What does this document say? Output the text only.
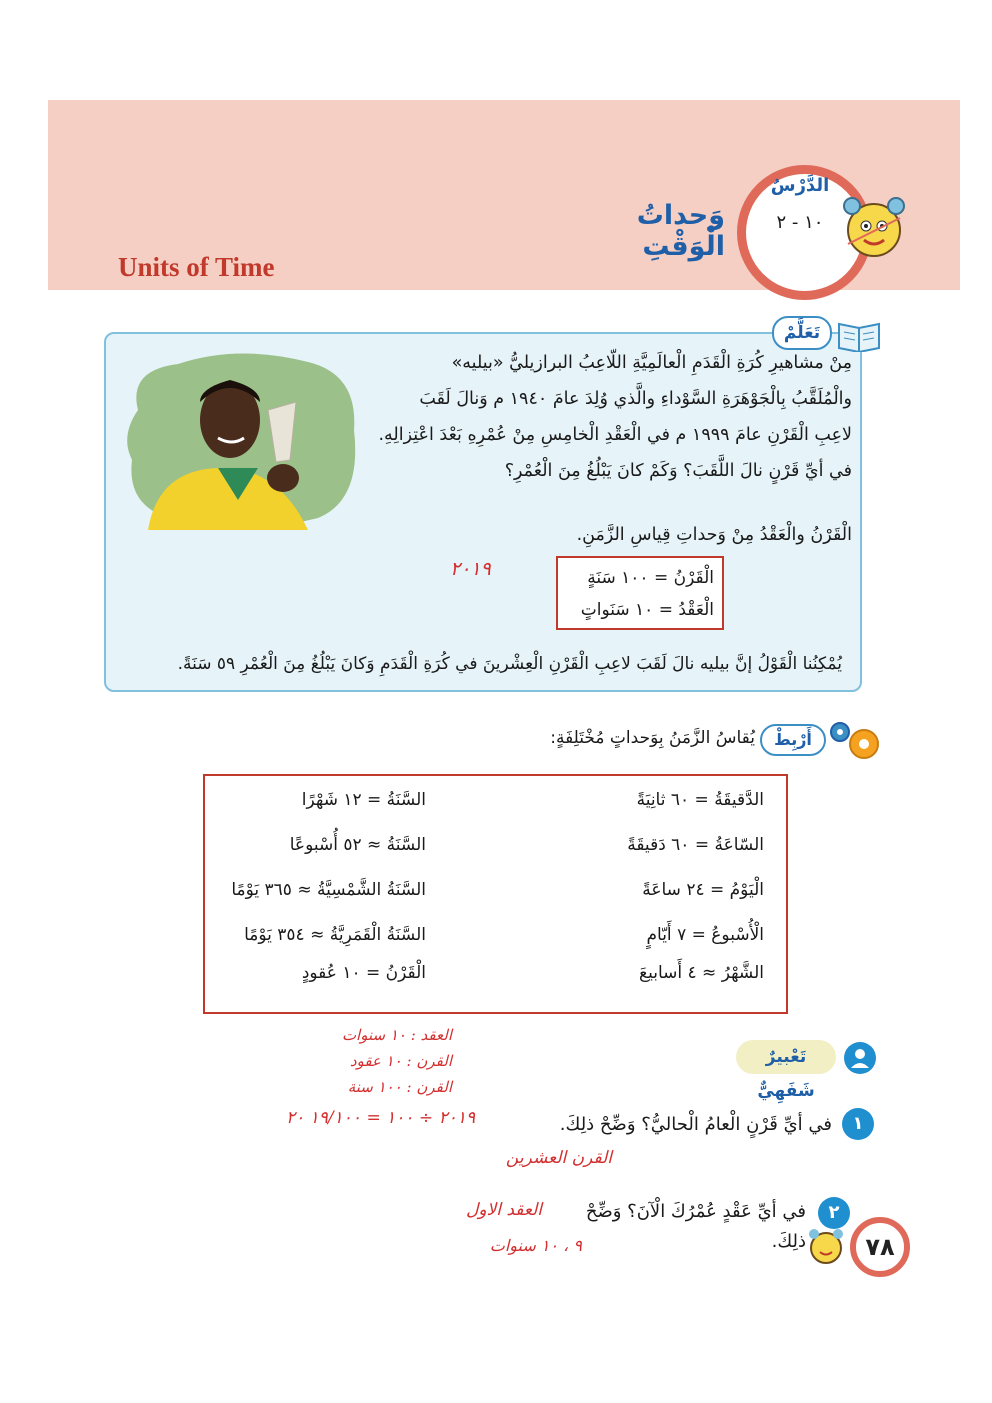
Units of Time
وَحداتُ الْوَقْتِ
الدَّرْسُ
١٠ - ٢
تَعَلَّمْ
مِنْ مشاهيرِ كُرَةِ الْقَدَمِ الْعالَمِيَّةِ اللّاعِبُ البرازيليُّ «بيليه»
والْمُلَقَّبُ بِالْجَوْهَرَةِ السَّوْداءِ والَّذي وُلِدَ عامَ ١٩٤٠ م وَنالَ لَقَبَ
لاعِبِ الْقَرْنِ عامَ ١٩٩٩ م في الْعَقْدِ الْخامِسِ مِنْ عُمْرِهِ بَعْدَ اعْتِزالِهِ.
في أيِّ قَرْنٍ نالَ اللَّقَبَ؟ وَكَمْ كانَ يَبْلُغُ مِنَ الْعُمْرِ؟
الْقَرْنُ والْعَقْدُ مِنْ وَحداتِ قِياسِ الزَّمَنِ.
الْقَرْنُ = ١٠٠ سَنَةٍ
الْعَقْدُ = ١٠ سَنَواتٍ
٢٠١٩
يُمْكِنُنا الْقَوْلُ إنَّ بيليه نالَ لَقَبَ لاعِبِ الْقَرْنِ الْعِشْرينَ في كُرَةِ الْقَدَمِ وَكانَ يَبْلُغُ مِنَ الْعُمْرِ ٥٩ سَنَةً.
أَرْبِطْ
يُقاسُ الزَّمَنُ بِوَحداتٍ مُخْتَلِفَةٍ:
الدَّقيقَةُ = ٦٠ ثانِيَةً
السّاعَةُ = ٦٠ دَقيقَةً
الْيَوْمُ = ٢٤ ساعَةً
الْأُسْبوعُ = ٧ أَيّامٍ
الشَّهْرُ ≈ ٤ أَسابيعَ
السَّنَةُ = ١٢ شَهْرًا
السَّنَةُ ≈ ٥٢ أُسْبوعًا
السَّنَةُ الشَّمْسِيَّةُ ≈ ٣٦٥ يَوْمًا
السَّنَةُ الْقَمَرِيَّةُ ≈ ٣٥٤ يَوْمًا
الْقَرْنُ = ١٠ عُقودٍ
العقد : ١٠ سنوات
القرن : ١٠ عقود
القرن : ١٠٠ سنة
تَعْبيرٌ شَفَهِيٌّ
١
في أيِّ قَرْنٍ الْعامُ الْحاليُّ؟ وَضِّحْ ذلِكَ.
٢٠١٩ ÷ ١٠٠ = ١٩/١٠٠ ٢٠
القرن العشرين
٢
في أيِّ عَقْدٍ عُمْرُكَ الْآنَ؟ وَضِّحْ ذلِكَ.
العقد الاول
٩ ، ١٠ سنوات	٧٨
